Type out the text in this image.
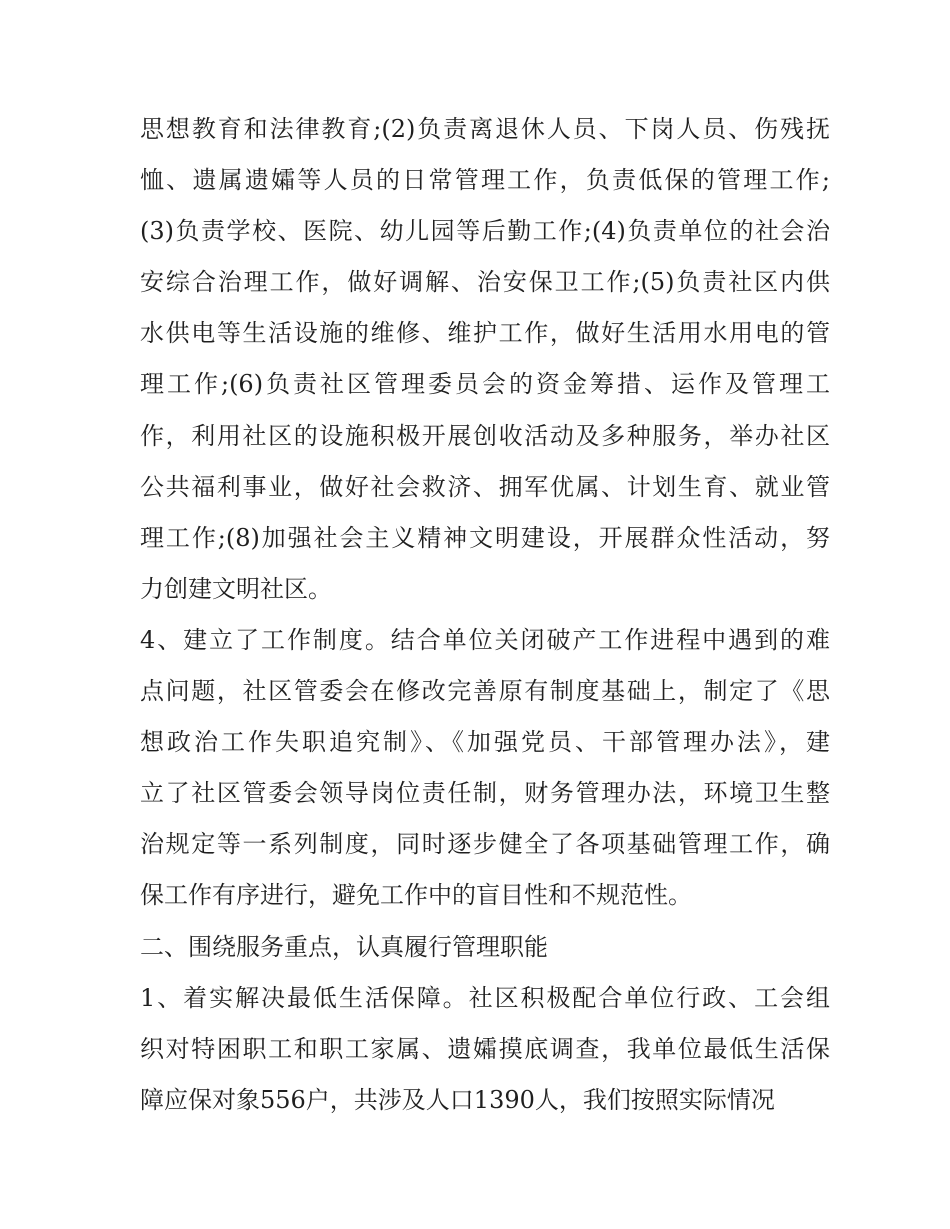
思想教育和法律教育;(2)负责离退休人员、下岗人员、伤残抚
恤、遗属遗孀等人员的日常管理工作，负责低保的管理工作;
(3)负责学校、医院、幼儿园等后勤工作;(4)负责单位的社会治
安综合治理工作，做好调解、治安保卫工作;(5)负责社区内供
水供电等生活设施的维修、维护工作，做好生活用水用电的管
理工作;(6)负责社区管理委员会的资金筹措、运作及管理工
作，利用社区的设施积极开展创收活动及多种服务，举办社区
公共福利事业，做好社会救济、拥军优属、计划生育、就业管
理工作;(8)加强社会主义精神文明建设，开展群众性活动，努
力创建文明社区。
4、建立了工作制度。结合单位关闭破产工作进程中遇到的难
点问题，社区管委会在修改完善原有制度基础上，制定了《思
想政治工作失职追究制》、《加强党员、干部管理办法》，建
立了社区管委会领导岗位责任制，财务管理办法，环境卫生整
治规定等一系列制度，同时逐步健全了各项基础管理工作，确
保工作有序进行，避免工作中的盲目性和不规范性。
二、围绕服务重点，认真履行管理职能
1、着实解决最低生活保障。社区积极配合单位行政、工会组
织对特困职工和职工家属、遗孀摸底调查，我单位最低生活保
障应保对象556户，共涉及人口1390人，我们按照实际情况
